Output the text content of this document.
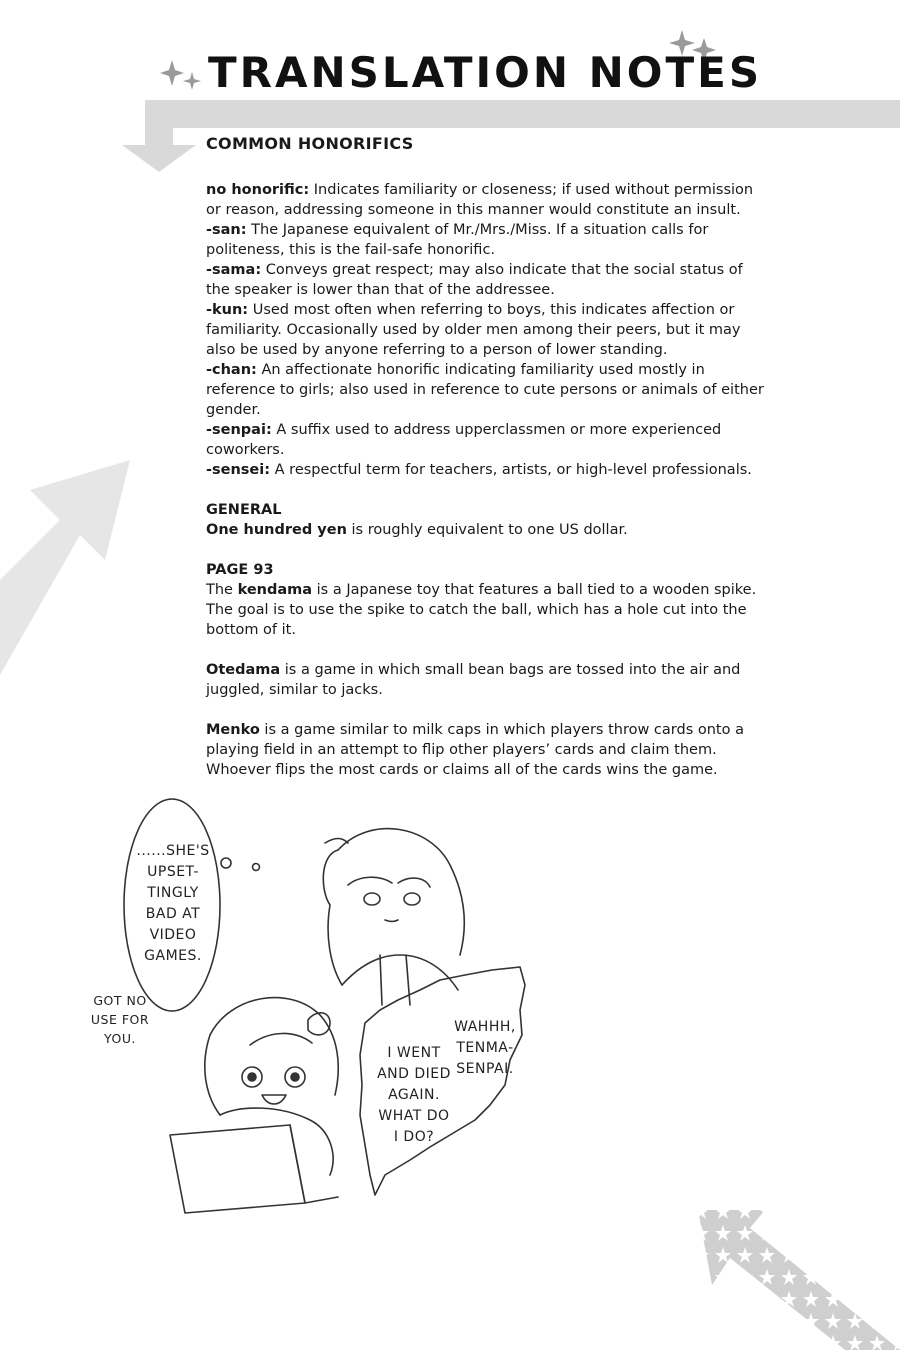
TRANSLATION NOTES
COMMON HONORIFICS

no honorific: Indicates familiarity or closeness; if used without permission or reason, addressing someone in this manner would constitute an insult.

-san: The Japanese equivalent of Mr./Mrs./Miss. If a situation calls for politeness, this is the fail-safe honorific.

-sama: Conveys great respect; may also indicate that the social status of the speaker is lower than that of the addressee.

-kun: Used most often when referring to boys, this indicates affection or familiarity. Occasionally used by older men among their peers, but it may also be used by anyone referring to a person of lower standing.

-chan: An affectionate honorific indicating familiarity used mostly in reference to girls; also used in reference to cute persons or animals of either gender.

-senpai: A suffix used to address upperclassmen or more experienced coworkers.

-sensei: A respectful term for teachers, artists, or high-level professionals.

GENERAL

One hundred yen is roughly equivalent to one US dollar.

PAGE 93

The kendama is a Japanese toy that features a ball tied to a wooden spike. The goal is to use the spike to catch the ball, which has a hole cut into the bottom of it.

Otedama is a game in which small bean bags are tossed into the air and juggled, similar to jacks.

Menko is a game similar to milk caps in which players throw cards onto a playing field in an attempt to flip other players’ cards and claim them. Whoever flips the most cards or claims all of the cards wins the game.

......SHE'S
UPSET-
TINGLY
BAD AT
VIDEO
GAMES.
GOT NO
USE FOR
YOU.
I WENT
AND DIED
AGAIN.
WHAT DO
I DO?
WAHHH,
TENMA-
SENPAI.
